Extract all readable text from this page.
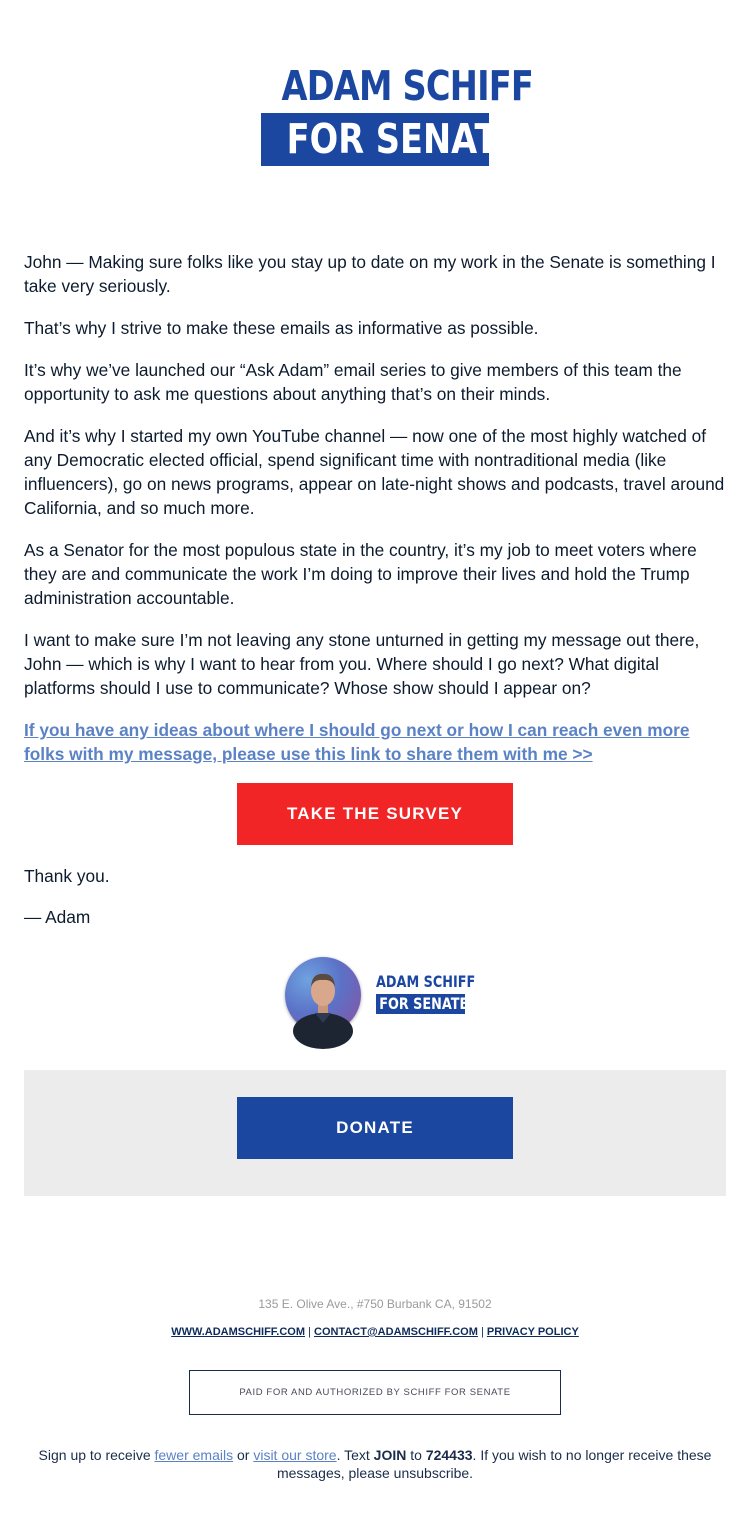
ADAM SCHIFF
FOR SENATE

John — Making sure folks like you stay up to date on my work in the Senate is something I take very seriously.

That’s why I strive to make these emails as informative as possible.

It’s why we’ve launched our “Ask Adam” email series to give members of this team the opportunity to ask me questions about anything that’s on their minds.

And it’s why I started my own YouTube channel — now one of the most highly watched of any Democratic elected official, spend significant time with nontraditional media (like influencers), go on news programs, appear on late-night shows and podcasts, travel around California, and so much more.

As a Senator for the most populous state in the country, it’s my job to meet voters where they are and communicate the work I’m doing to improve their lives and hold the Trump administration accountable.

I want to make sure I’m not leaving any stone unturned in getting my message out there, John — which is why I want to hear from you. Where should I go next? What digital platforms should I use to communicate? Whose show should I appear on?

If you have any ideas about where I should go next or how I can reach even more folks with my message, please use this link to share them with me >>

TAKE THE SURVEY
Thank you.
— Adam
ADAM SCHIFF
FOR SENATE
DONATE
135 E. Olive Ave., #750 Burbank CA, 91502
WWW.ADAMSCHIFF.COM | CONTACT@ADAMSCHIFF.COM | PRIVACY POLICY
PAID FOR AND AUTHORIZED BY SCHIFF FOR SENATE
Sign up to receive fewer emails or visit our store. Text JOIN to 724433. If you wish to no longer receive these messages, please unsubscribe.
